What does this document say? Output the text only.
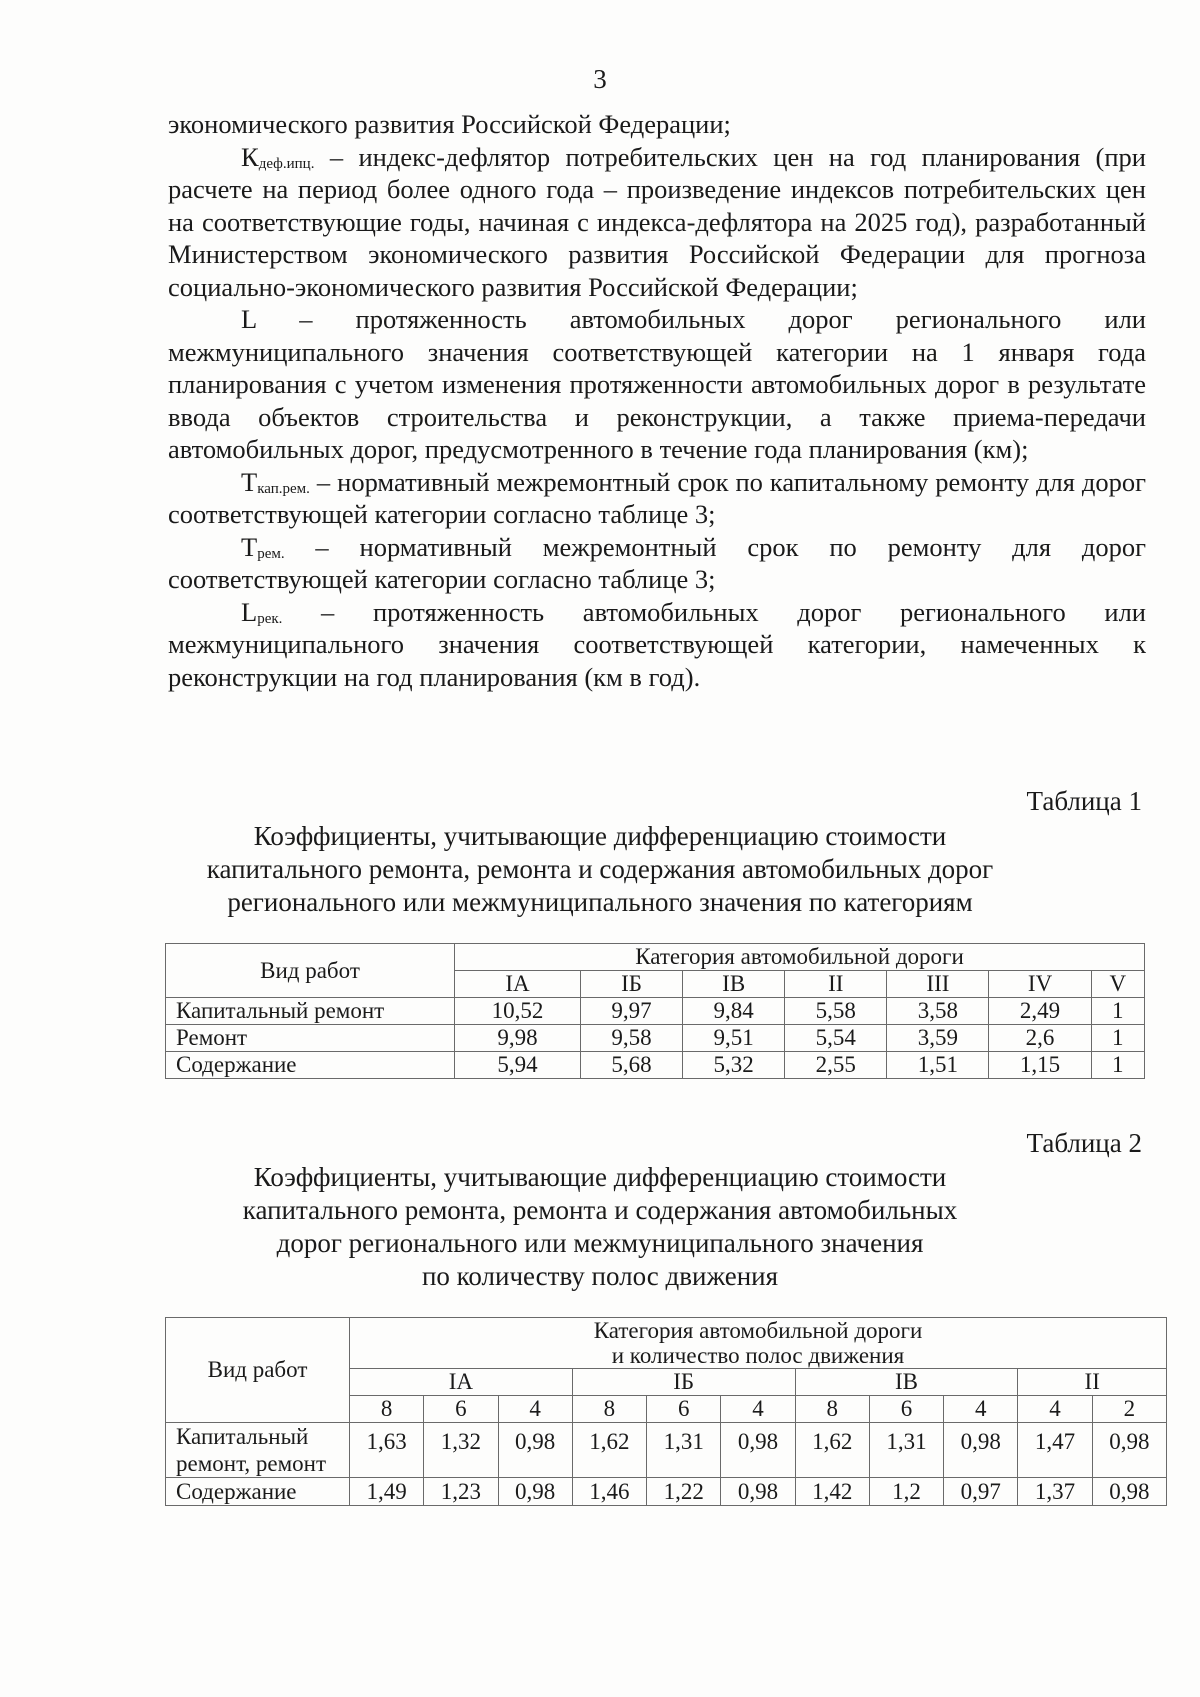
3

экономического развития Российской Федерации;

$К_{деф.ипц.}$ – индекс-дефлятор потребительских цен на год планирования (при расчете на период более одного года – произведение индексов потребительских цен на соответствующие годы, начиная с индекса-дефлятора на 2025 год), разработанный Министерством экономического развития Российской Федерации для прогноза социально-экономического развития Российской Федерации;

L – протяженность автомобильных дорог регионального или межмуниципального значения соответствующей категории на 1 января года планирования с учетом изменения протяженности автомобильных дорог в результате ввода объектов строительства и реконструкции, а также приема-передачи автомобильных дорог, предусмотренного в течение года планирования (км);

$T_{кап.рем.}$ – нормативный межремонтный срок по капитальному ремонту для дорог соответствующей категории согласно таблице 3;

$T_{рем.}$ – нормативный межремонтный срок по ремонту для дорог соответствующей категории согласно таблице 3;

$L_{рек.}$ – протяженность автомобильных дорог регионального или межмуниципального значения соответствующей категории, намеченных к реконструкции на год планирования (км в год).

Таблица 1
Коэффициенты, учитывающие дифференциацию стоимости
капитального ремонта, ремонта и содержания автомобильных дорог
регионального или межмуниципального значения по категориям
Вид работ	Категория автомобильной дороги						
	IA	IБ	IB	II	III	IV	V
Капитальный ремонт	10,52	9,97	9,84	5,58	3,58	2,49	1
Ремонт	9,98	9,58	9,51	5,54	3,59	2,6	1
Содержание	5,94	5,68	5,32	2,55	1,51	1,15	1
Таблица 2
Коэффициенты, учитывающие дифференциацию стоимости
капитального ремонта, ремонта и содержания автомобильных
дорог регионального или межмуниципального значения
по количеству полос движения
Вид работ	Категория автомобильной дороги
и количество полос движения										

	IA			IБ			IB			II	
	8	6	4	8	6	4	8	6	4	4	2

Капитальный
ремонт, ремонт	1,63	1,32	0,98	1,62	1,31	0,98	1,62	1,31	0,98	1,47	0,98

Содержание	1,49	1,23	0,98	1,46	1,22	0,98	1,42	1,2	0,97	1,37	0,98
